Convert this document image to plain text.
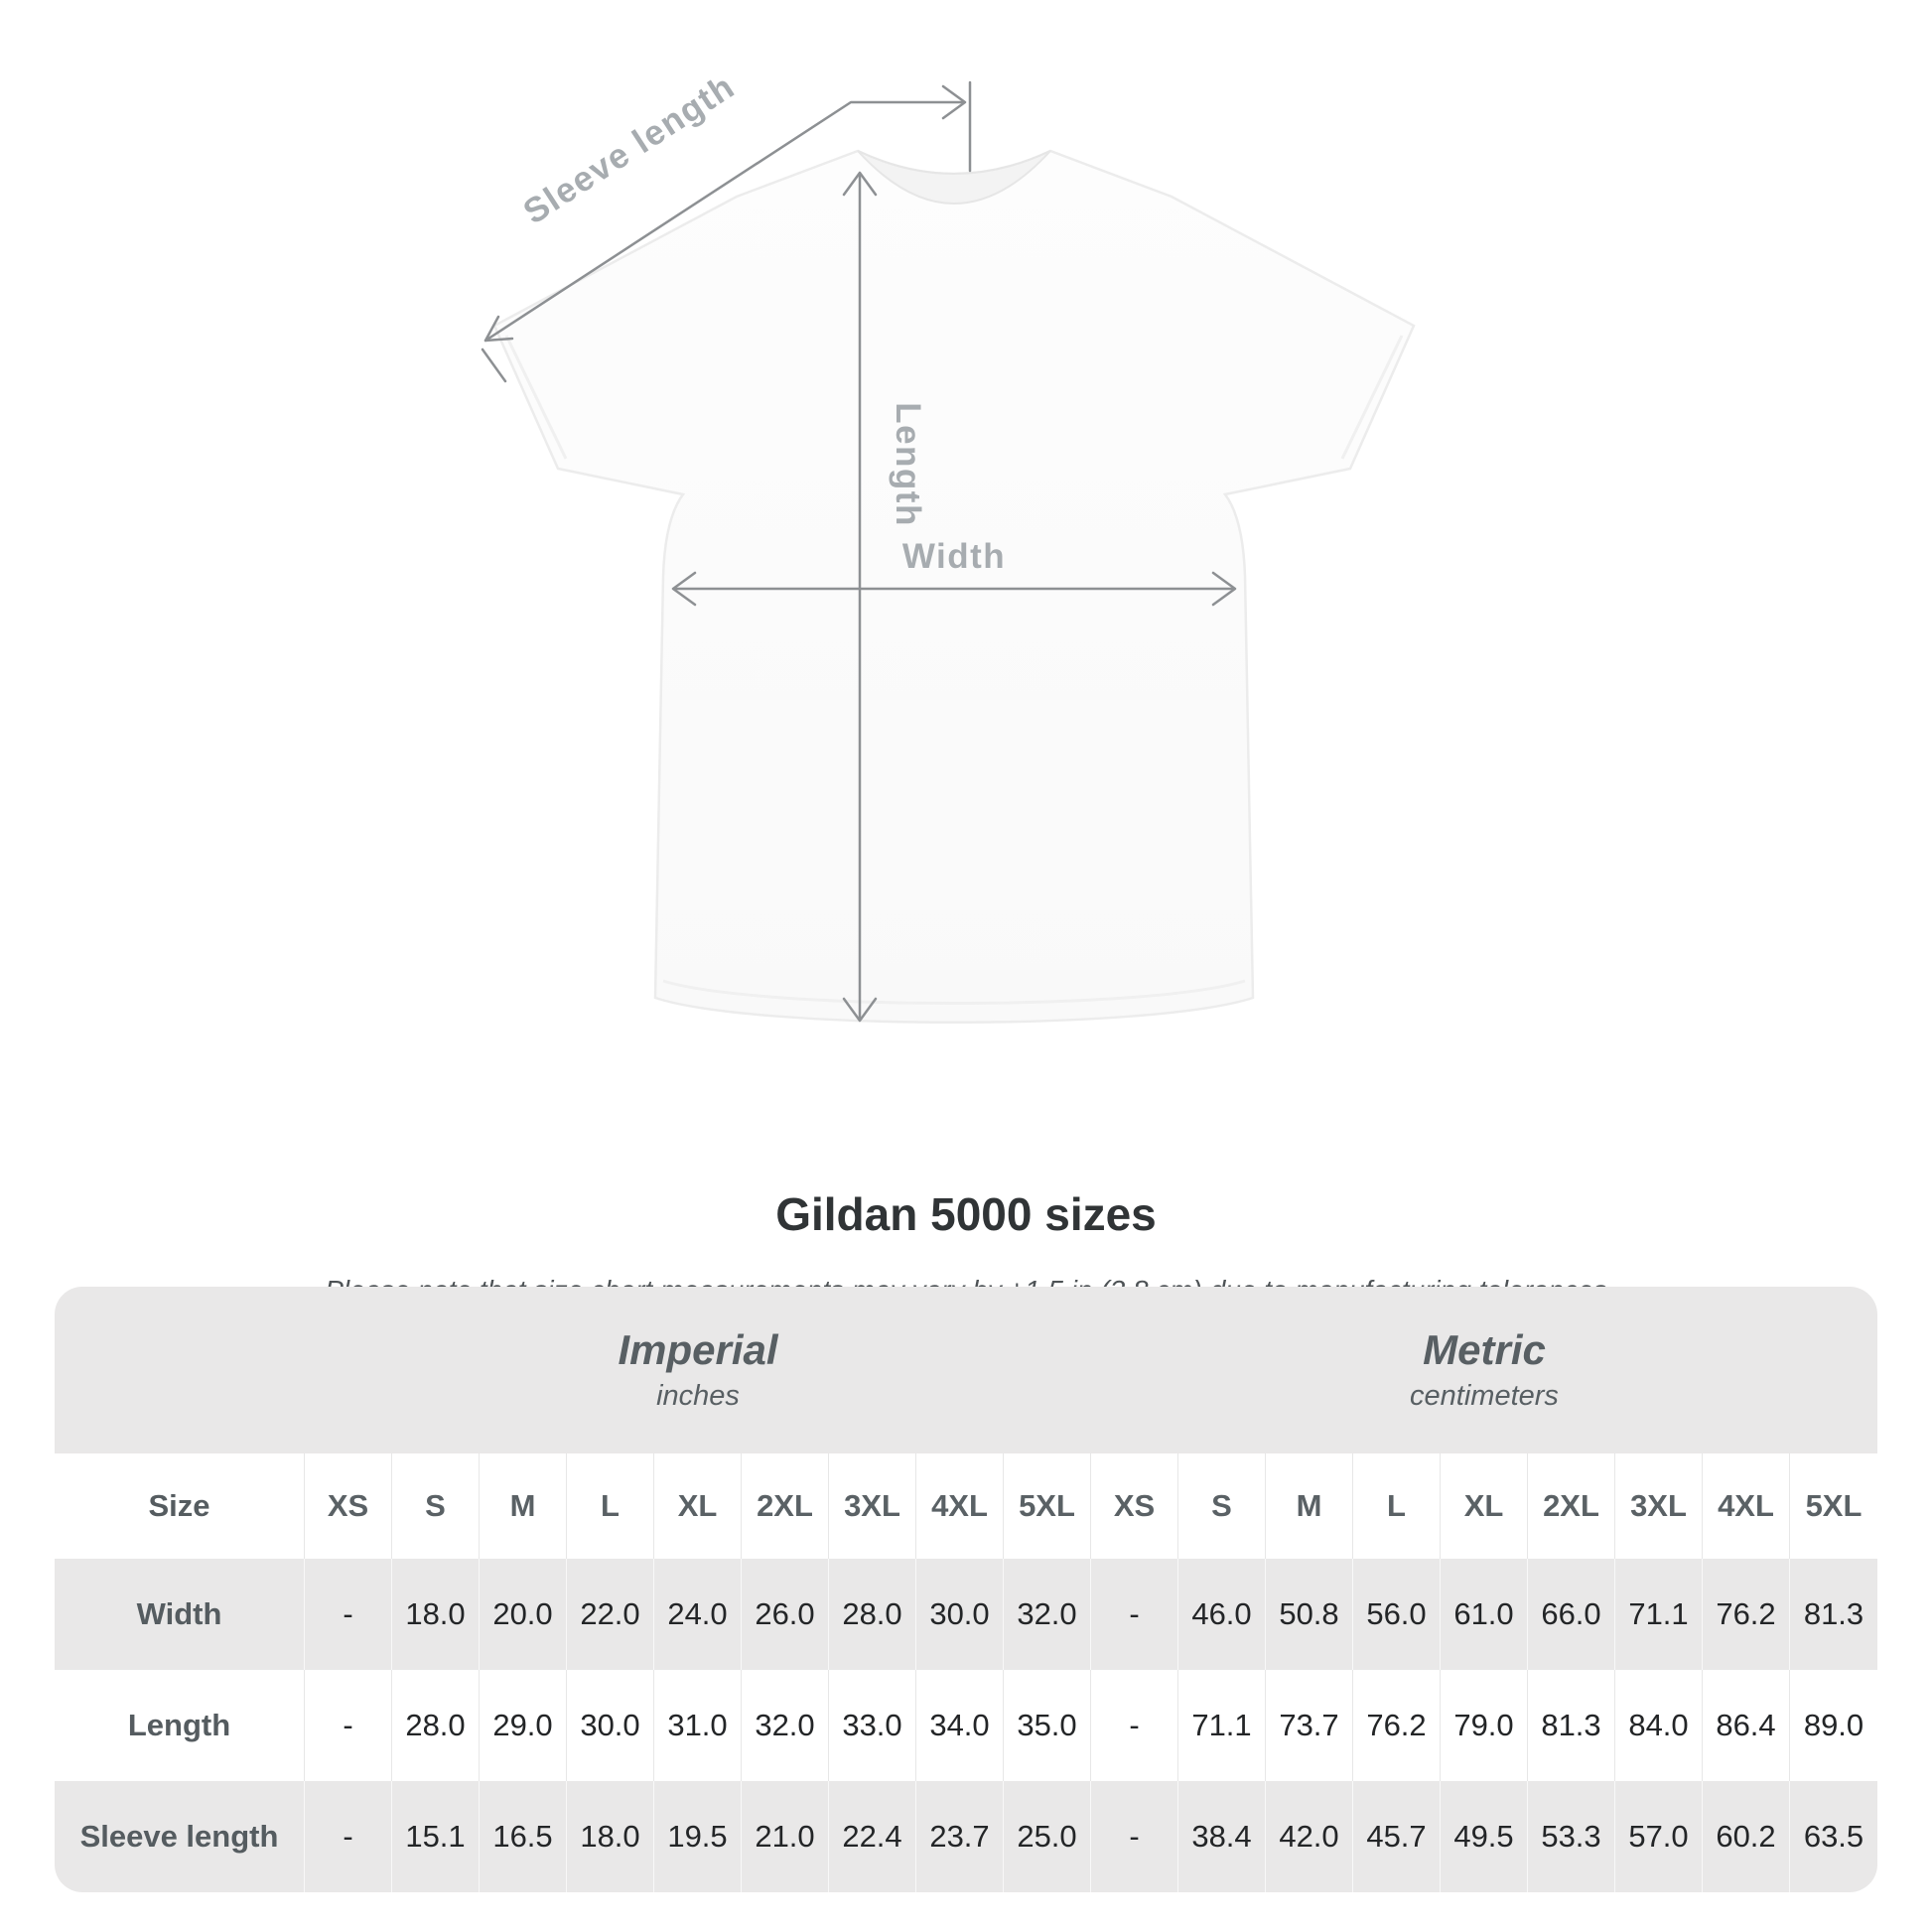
Sleeve length
Length
Width
Gildan 5000 sizes

Imperial
inches
Metric
centimeters
Size	XS	S	M	L	XL	2XL	3XL	4XL	5XL	XS	S	M	L	XL	2XL	3XL	4XL	5XL
Width	-	18.0 20.0 22.0 24.0 26.0 28.0 30.0 32.0	-	46.0 50.8 56.0 61.0 66.0 71.1 76.2 81.3
Length	-	28.0 29.0 30.0 31.0 32.0 33.0 34.0 35.0	-	71.1 73.7 76.2 79.0 81.3 84.0 86.4 89.0
Sleeve length	-	15.1 16.5 18.0 19.5 21.0 22.4 23.7 25.0	-	38.4 42.0 45.7 49.5 53.3 57.0 60.2 63.5
